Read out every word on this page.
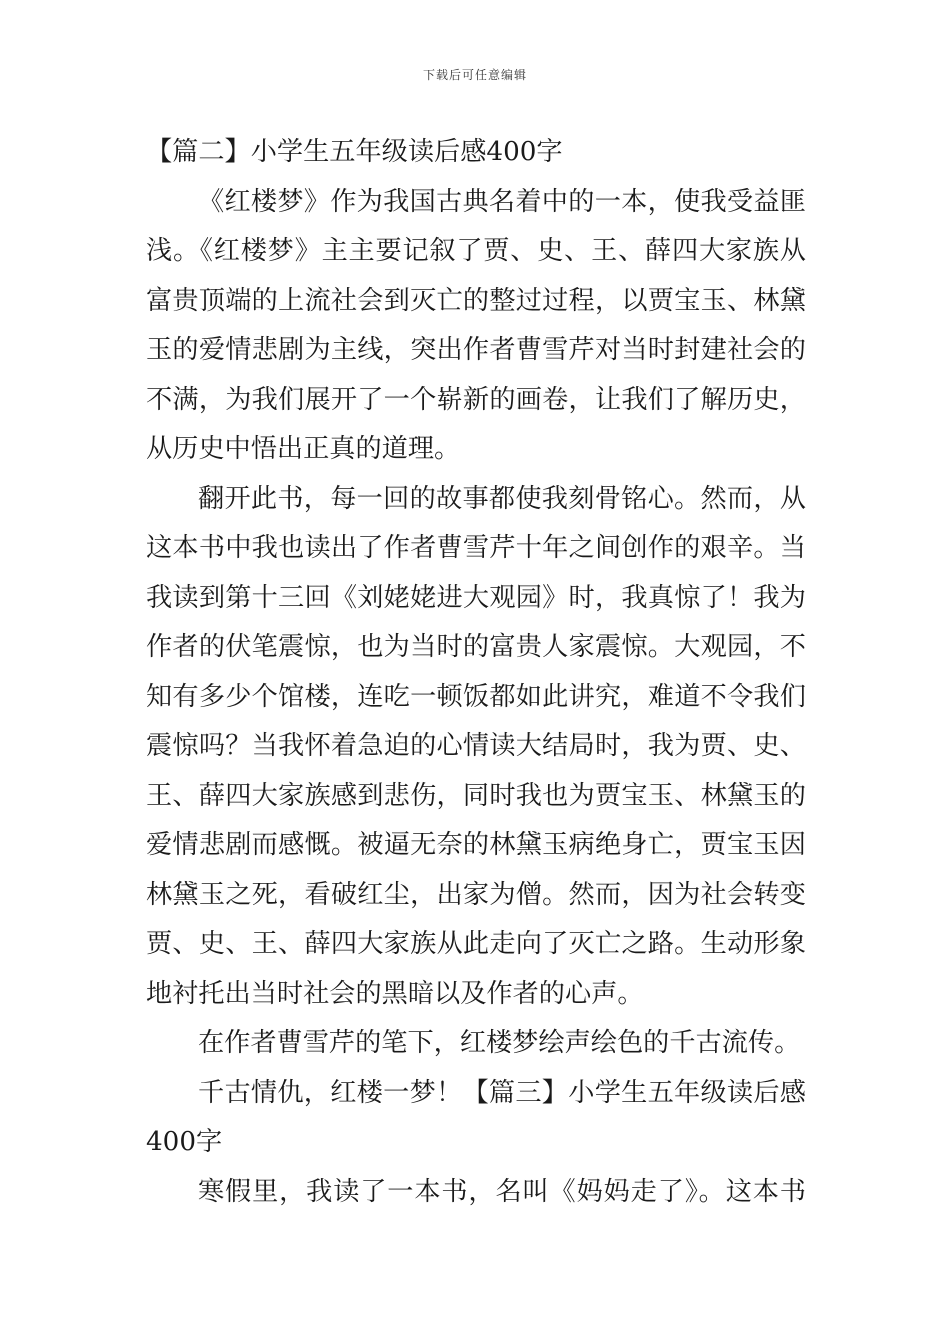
下载后可任意编辑
【篇二】小学生五年级读后感400字
《红楼梦》作为我国古典名着中的一本，使我受益匪
浅。《红楼梦》主主要记叙了贾、史、王、薛四大家族从
富贵顶端的上流社会到灭亡的整过过程，以贾宝玉、林黛
玉的爱情悲剧为主线，突出作者曹雪芹对当时封建社会的
不满，为我们展开了一个崭新的画卷，让我们了解历史，
从历史中悟出正真的道理。
翻开此书，每一回的故事都使我刻骨铭心。然而，从
这本书中我也读出了作者曹雪芹十年之间创作的艰辛。当
我读到第十三回《刘姥姥进大观园》时，我真惊了！我为
作者的伏笔震惊，也为当时的富贵人家震惊。大观园，不
知有多少个馆楼，连吃一顿饭都如此讲究，难道不令我们
震惊吗？当我怀着急迫的心情读大结局时，我为贾、史、
王、薛四大家族感到悲伤，同时我也为贾宝玉、林黛玉的
爱情悲剧而感慨。被逼无奈的林黛玉病绝身亡，贾宝玉因
林黛玉之死，看破红尘，出家为僧。然而，因为社会转变
贾、史、王、薛四大家族从此走向了灭亡之路。生动形象
地衬托出当时社会的黑暗以及作者的心声。
在作者曹雪芹的笔下，红楼梦绘声绘色的千古流传。
千古情仇，红楼一梦！【篇三】小学生五年级读后感
400字
寒假里，我读了一本书，名叫《妈妈走了》。这本书
